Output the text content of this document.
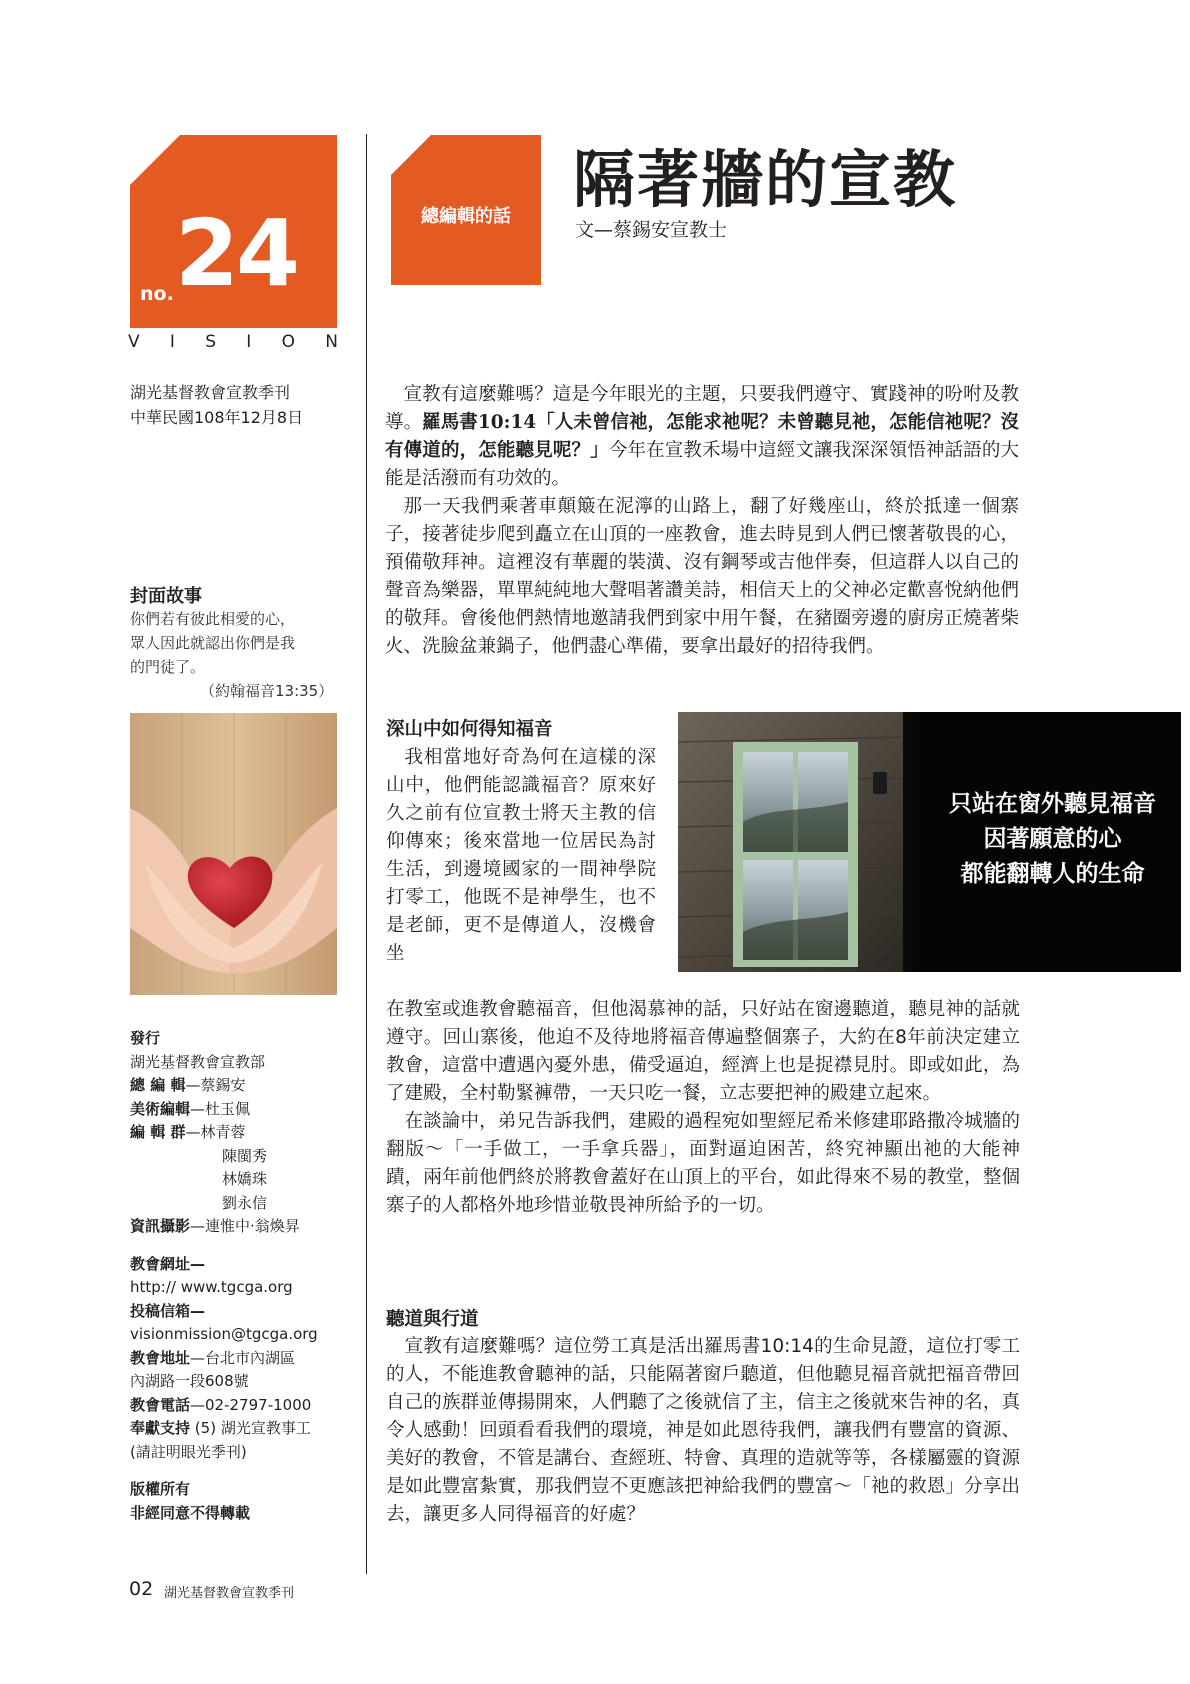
24
no.
V I S I O N
湖光基督教會宣教季刊
中華民國108年12月8日
封面故事
你們若有彼此相愛的心，
眾人因此就認出你們是我
的門徒了。
（約翰福音13:35）
發行
湖光基督教會宣教部
總 編 輯—蔡錫安
美術編輯—杜玉佩
編 輯 群—林青蓉
陳閩秀
林嬌珠
劉永信
資訊攝影—連惟中‧翁煥昇
教會網址—
http:// www.tgcga.org
投稿信箱—
visionmission@tgcga.org
教會地址—台北市內湖區
內湖路一段608號
教會電話—02-2797-1000
奉獻支持 (5) 湖光宣教事工
(請註明眼光季刊)
版權所有
非經同意不得轉載
02 湖光基督教會宣教季刊
總編輯的話
隔著牆的宣教
文—蔡錫安宣教士

宣教有這麼難嗎？這是今年眼光的主題，只要我們遵守、實踐神的吩咐及教導。羅馬書10:14「人未曾信祂，怎能求祂呢？未曾聽見祂，怎能信祂呢？沒有傳道的，怎能聽見呢？」今年在宣教禾場中這經文讓我深深領悟神話語的大能是活潑而有功效的。

那一天我們乘著車顛簸在泥濘的山路上，翻了好幾座山，終於抵達一個寨子，接著徒步爬到矗立在山頂的一座教會，進去時見到人們已懷著敬畏的心，預備敬拜神。這裡沒有華麗的裝潢、沒有鋼琴或吉他伴奏，但這群人以自己的聲音為樂器，單單純純地大聲唱著讚美詩，相信天上的父神必定歡喜悅納他們的敬拜。會後他們熱情地邀請我們到家中用午餐，在豬圈旁邊的廚房正燒著柴火、洗臉盆兼鍋子，他們盡心準備，要拿出最好的招待我們。

深山中如何得知福音

我相當地好奇為何在這樣的深山中，他們能認識福音？原來好久之前有位宣教士將天主教的信仰傳來；後來當地一位居民為討生活，到邊境國家的一間神學院打零工，他既不是神學生，也不是老師，更不是傳道人，沒機會坐

在教室或進教會聽福音，但他渴慕神的話，只好站在窗邊聽道，聽見神的話就遵守。回山寨後，他迫不及待地將福音傳遍整個寨子，大約在8年前決定建立教會，這當中遭遇內憂外患，備受逼迫，經濟上也是捉襟見肘。即或如此，為了建殿，全村勒緊褲帶，一天只吃一餐，立志要把神的殿建立起來。

在談論中，弟兄告訴我們，建殿的過程宛如聖經尼希米修建耶路撒冷城牆的翻版～「一手做工，一手拿兵器」，面對逼迫困苦，終究神顯出祂的大能神蹟，兩年前他們終於將教會蓋好在山頂上的平台，如此得來不易的教堂，整個寨子的人都格外地珍惜並敬畏神所給予的一切。

只站在窗外聽見福音
因著願意的心
都能翻轉人的生命
聽道與行道

宣教有這麼難嗎？這位勞工真是活出羅馬書10:14的生命見證，這位打零工的人，不能進教會聽神的話，只能隔著窗戶聽道，但他聽見福音就把福音帶回自己的族群並傳揚開來，人們聽了之後就信了主，信主之後就來告神的名，真令人感動！回頭看看我們的環境，神是如此恩待我們，讓我們有豐富的資源、美好的教會，不管是講台、查經班、特會、真理的造就等等，各樣屬靈的資源是如此豐富紮實，那我們豈不更應該把神給我們的豐富～「祂的救恩」分享出去，讓更多人同得福音的好處？
